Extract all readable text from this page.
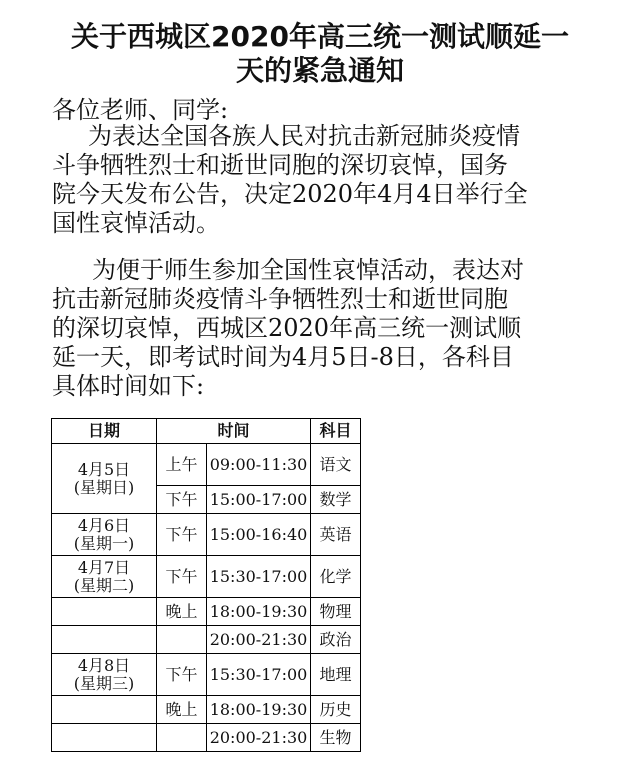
关于西城区2020年高三统一测试顺延一
天的紧急通知
各位老师、同学:
为表达全国各族人民对抗击新冠肺炎疫情
斗争牺牲烈士和逝世同胞的深切哀悼，国务
院今天发布公告，决定2020年4月4日举行全
国性哀悼活动。
为便于师生参加全国性哀悼活动，表达对
抗击新冠肺炎疫情斗争牺牲烈士和逝世同胞
的深切哀悼，西城区2020年高三统一测试顺
延一天，即考试时间为4月5日-8日，各科目
具体时间如下:
日期	时间		科目

4月5日
(星期日)	上午	09:00-11:30	语文
	下午	15:00-17:00	数学

4月6日
(星期一)	下午	15:00-16:40	英语

4月7日
(星期二)	下午	15:30-17:00	化学
	晚上	18:00-19:30	物理
		20:00-21:30	政治

4月8日
(星期三)	下午	15:30-17:00	地理
	晚上	18:00-19:30	历史
		20:00-21:30	生物
